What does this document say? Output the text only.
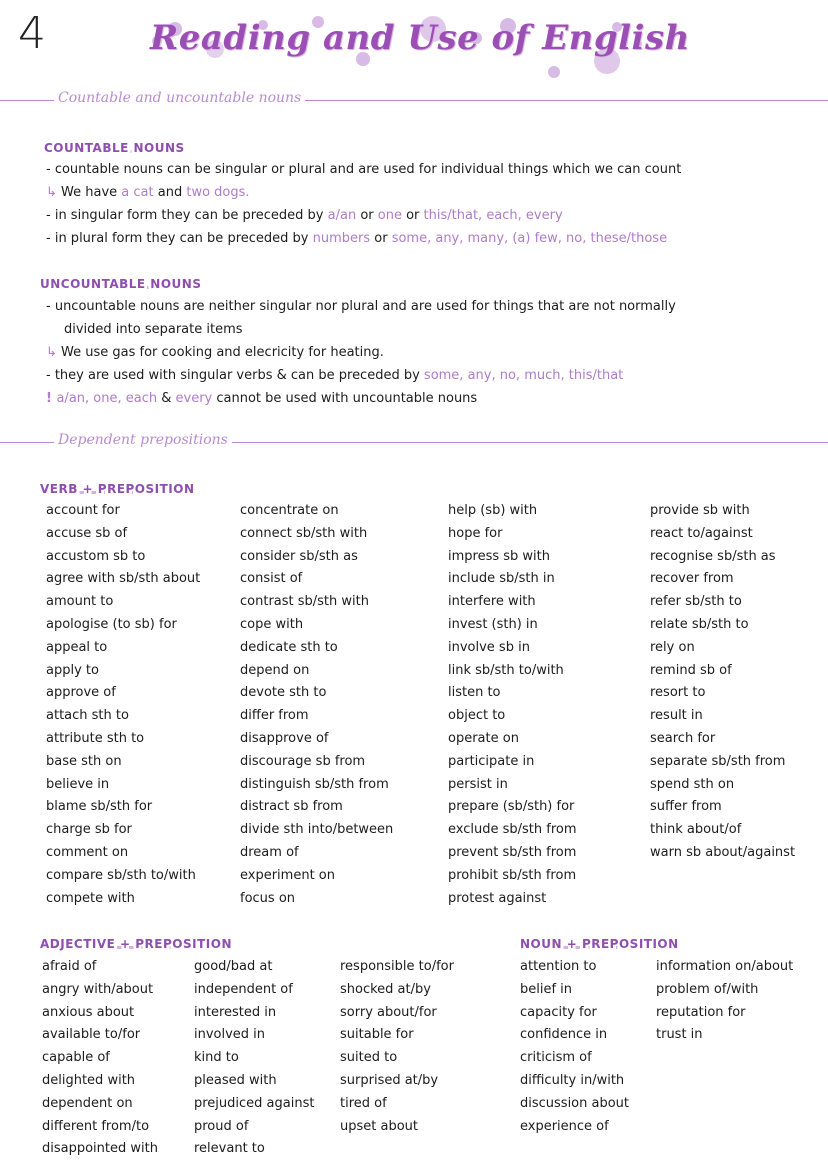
4	Reading and Use of English
Countable and uncountable nouns
COUNTABLE NOUNS
- countable nouns can be singular or plural and are used for individual things which we can count
↳ We have a cat and two dogs.
- in singular form they can be preceded by a/an or one or this/that, each, every
- in plural form they can be preceded by numbers or some, any, many, (a) few, no, these/those
UNCOUNTABLE NOUNS
- uncountable nouns are neither singular nor plural and are used for things that are not normally
divided into separate items
↳ We use gas for cooking and elecricity for heating.
- they are used with singular verbs & can be preceded by some, any, no, much, this/that
! a/an, one, each & every cannot be used with uncountable nouns
Dependent prepositions
VERB + PREPOSITION
account for
accuse sb of
accustom sb to
agree with sb/sth about
amount to
apologise (to sb) for
appeal to
apply to
approve of
attach sth to
attribute sth to
base sth on
believe in
blame sb/sth for
charge sb for
comment on
compare sb/sth to/with
compete with
concentrate on
connect sb/sth with
consider sb/sth as
consist of
contrast sb/sth with
cope with
dedicate sth to
depend on
devote sth to
differ from
disapprove of
discourage sb from
distinguish sb/sth from
distract sb from
divide sth into/between
dream of
experiment on
focus on
help (sb) with
hope for
impress sb with
include sb/sth in
interfere with
invest (sth) in
involve sb in
link sb/sth to/with
listen to
object to
operate on
participate in
persist in
prepare (sb/sth) for
exclude sb/sth from
prevent sb/sth from
prohibit sb/sth from
protest against
provide sb with
react to/against
recognise sb/sth as
recover from
refer sb/sth to
relate sb/sth to
rely on
remind sb of
resort to
result in
search for
separate sb/sth from
spend sth on
suffer from
think about/of
warn sb about/against
ADJECTIVE + PREPOSITION
afraid of
angry with/about
anxious about
available to/for
capable of
delighted with
dependent on
different from/to
disappointed with
good/bad at
independent of
interested in
involved in
kind to
pleased with
prejudiced against
proud of
relevant to
responsible to/for
shocked at/by
sorry about/for
suitable for
suited to
surprised at/by
tired of
upset about
NOUN + PREPOSITION
attention to
belief in
capacity for
confidence in
criticism of
difficulty in/with
discussion about
experience of
information on/about
problem of/with
reputation for
trust in
